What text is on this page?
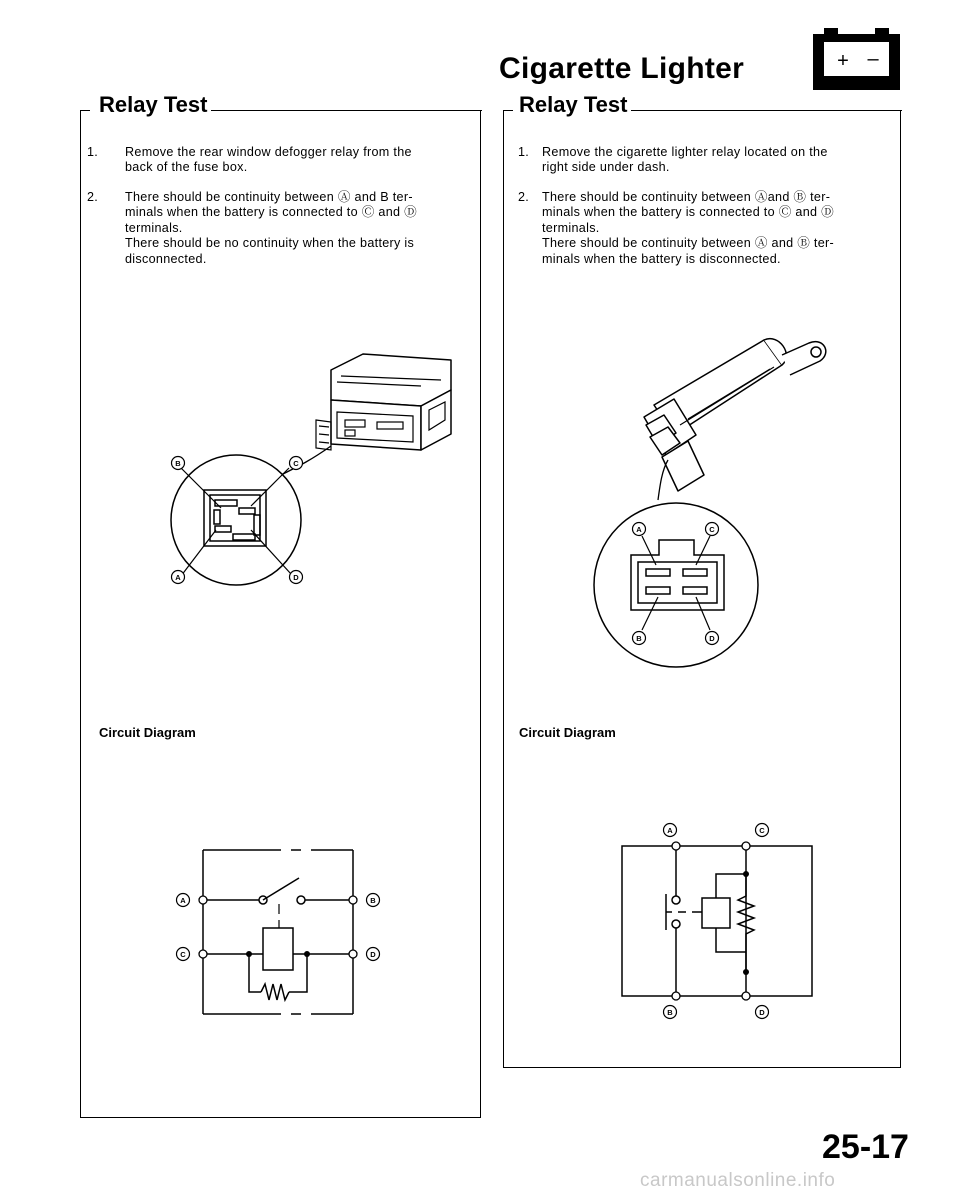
Cigarette Lighter	+ –
Relay Test
1. Remove the rear window defogger relay from the

back of the fuse box.

2. There should be continuity between Ⓐ and B ter-

minals when the battery is connected to Ⓒ and Ⓓ

terminals.

There should be no continuity when the battery is

disconnected.

B	C
A	D
Circuit Diagram
A	B
C	D
Relay Test
1. Remove the cigarette lighter relay located on the

right side under dash.

2. There should be continuity between Ⓐand Ⓑ ter-

minals when the battery is connected to Ⓒ and Ⓓ

terminals.

There should be continuity between Ⓐ and Ⓑ ter-

minals when the battery is disconnected.

A	C
B	D
Circuit Diagram
A	C
B	D

25-17

carmanualsonline.info
